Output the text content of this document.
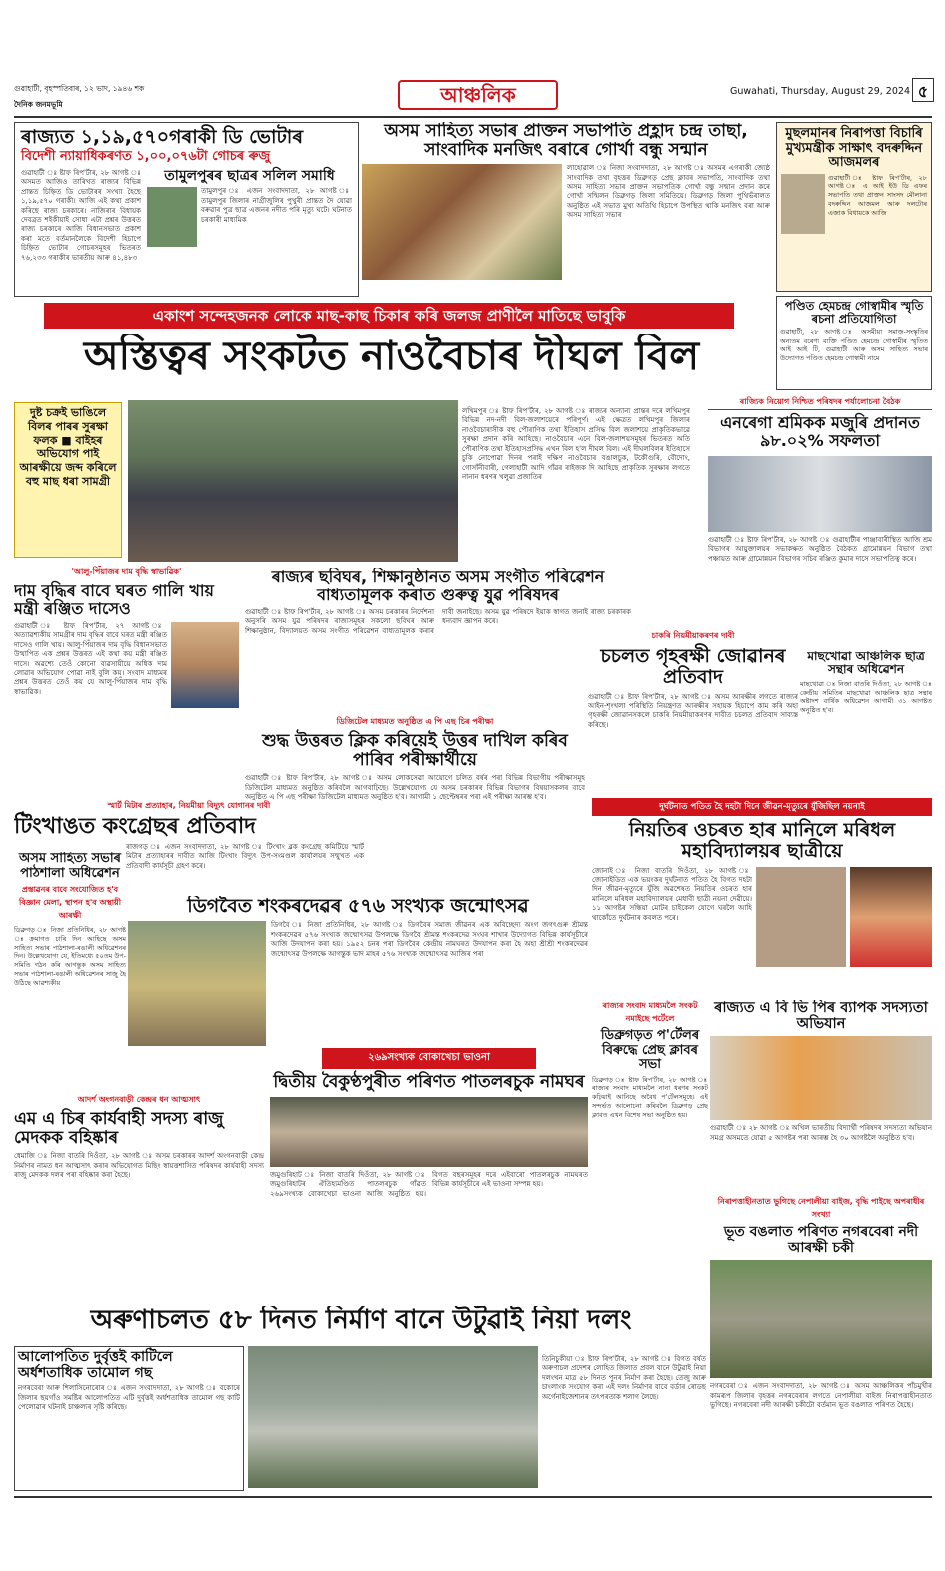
গুৱাহাটী, বৃহস্পতিবাৰ, ১২ ভাদ, ১৯৪৬ শক
দৈনিক জনমভূমি	আঞ্চলিক	Guwahati, Thursday, August 29, 2024 ৫
ৰাজ্যত ১,১৯,৫৭০গৰাকী ডি ভোটাৰ
বিদেশী ন্যায়াধিকৰণত ১,০০,০৭৬টা গোচৰ ৰুজু

গুৱাহাটী ঃ ষ্টাফ ৰিপ'ৰ্টাৰ, ২৮ আগষ্ট ঃ অসমত আজিও তাৰিখত ৰাজ্যৰ বিভিন্ন প্ৰান্তত চিহ্নিত ডি ভোটাৰৰ সংখ্যা হৈছে ১,১৯,৫৭০ গৰাকী। আজি এই কথা প্ৰকাশ কৰিছে ৰাজ্য চৰকাৰে। নাজিৰাৰ বিধায়ক দেবব্ৰত শইকীয়াই সোধা এটা প্ৰশ্নৰ উত্তৰত ৰাজ্য চৰকাৰে আজি বিধানসভাত প্ৰকাশ কৰা মতে বৰ্তমানলৈকে বিদেশী হিচাপে চিহ্নিত ভোটাৰ গোচৰসমূহৰ ভিতৰত ৭৬,২৩৩ গৰাকীৰ ভাৰতীয় আৰু ৪১,৪৮৩

তামুলপুৰৰ ছাত্ৰৰ সলিল সমাধি

তামুলপুৰ ঃ এজন সংবাদদাতা, ২৮ আগষ্ট ঃ তামুলপুৰ জিলাৰ নাগ্ৰীজুলিৰ পুখুৰী প্ৰান্তত দৈ যোৱা বৰুৱাৰ পুত্ৰ ছাত্ৰ এজনৰ নদীত পৰি মৃত্যু ঘটে। ঘটনাত চৰকাৰী মাধ্যমিক

অসম সাহিত্য সভাৰ প্ৰাক্তন সভাপতি প্ৰহ্লাদ চন্দ্ৰ তাছা, সাংবাদিক মনজিৎ বৰাৰে গোৰ্খা বন্ধু সন্মান

লাহোৱাল ঃ নিজা সংবাদদাতা, ২৮ আগষ্ট ঃ অসমৰ এগৰাকী জ্যেষ্ঠ সাংবাদিক তথা বৃহত্তৰ ডিব্ৰুগড় প্ৰেছ ক্লাবৰ সভাপতি, সাংবাদিক তথা অসম সাহিত্য সভাৰ প্ৰাক্তন সভাপতিক গোৰ্খা বন্ধু সন্মান প্ৰদান কৰে গোৰ্খা সন্মিলন ডিব্ৰুগড় জিলা সমিতিয়ে। ডিব্ৰুগড় জিলা পুথিভঁৰালত অনুষ্ঠিত এই সভাত মুখ্য অতিথি হিচাপে উপস্থিত থাকি মনজিৎ বৰা আৰু অসম সাহিত্য সভাৰ

মুছলমানৰ নিৰাপত্তা বিচাৰি মুখ্যমন্ত্ৰীক সাক্ষাৎ বদৰুদ্দিন আজমলৰ

গুৱাহাটী ঃ ষ্টাফ ৰিপ'ৰ্টাৰ, ২৮ আগষ্ট ঃ এ আই ইউ ডি এফৰ সভাপতি তথা প্ৰাক্তন সাংসদ মৌলানা বদৰুদ্দিন আজমল আৰু দলটোৰ এজাক বিধায়কে আজি

পণ্ডিত হেমচন্দ্ৰ গোস্বামীৰ স্মৃতি ৰচনা প্ৰতিযোগিতা

গুৱাহাটী, ২৮ আগষ্ট ঃ অসমীয়া সমাজ-সংস্কৃতিৰ অন্যতম বৰেণ্য ব্যক্তি পণ্ডিত হেমচন্দ্ৰ গোস্বামীৰ স্মৃতিত আই আই টি, গুৱাহাটী আৰু অসম সাহিত্য সভাৰ উদ্যোগত পণ্ডিত হেমচন্দ্ৰ গোস্বামী নামে

একাংশ সন্দেহজনক লোকে মাছ-কাছ চিকাৰ কৰি জলজ প্ৰাণীলৈ মাতিছে ভাবুকি
অস্তিত্বৰ সংকটত নাওবৈচাৰ দীঘল বিল

দুষ্ট চক্ৰই ভাঙিলে বিলৰ পাৰৰ সুৰক্ষা ফলক ■ বাইহৰ অভিযোগ পাই আৰক্ষীয়ে জব্দ কৰিলে বহু মাছ ধৰা সামগ্ৰী

লখিমপুৰ ঃ ষ্টাফ ৰিপ'ৰ্টাৰ, ২৮ আগষ্ট ঃ ৰাজ্যৰ অন্যান্য প্ৰান্তৰ দৰে লখিমপুৰ বিভিন্ন নদ-নদী বিল-জলাশয়েৰে পৰিপূৰ্ণ। এই ক্ষেত্ৰত লখিমপুৰ জিলাৰ নাওবৈচাৰাসীক বহু পৌৰাণিক তথা ইতিহাস প্ৰসিদ্ধ বিল জলাশয়ে প্ৰাকৃতিকভাৱে সুৰক্ষা প্ৰদান কৰি আহিছে। নাওবৈচাৰ এনে বিল-জলাশয়সমূহৰ ভিতৰত অতি পৌৰাণিক তথা ইতিহাসপ্ৰসিদ্ধ এখন বিল হ'ল দীঘল বিল। এই দীঘলবিলৰ ইতিহাসে চুকি নোপোৱা দিনৰ পৰাই দক্ষিণ নাওবৈচাৰ বঙালচুক, টকৌগুৰি, বৌদোং, গোসাঁনীবাৰী, গেলাহাটী আদি গাঁৱৰ ৰাইজক দি আহিছে প্ৰাকৃতিক সুৰক্ষাৰ লগতে নানান ধৰণৰ খলুৱা প্ৰজাতিৰ

ৰাজ্যিক নিয়োগ নিশ্চিত পৰিষদৰ পৰ্যালোচনা বৈঠক
এনৰেগা শ্ৰমিকক মজুৰি প্ৰদানত ৯৮.০২% সফলতা

গুৱাহাটী ঃ ষ্টাফ ৰিপ'ৰ্টাৰ, ২৮ আগষ্ট ঃ গুৱাহাটীৰ পাঞ্জাবাৰীস্থিত আজি শ্ৰম বিভাগৰ আয়ুক্তালয়ৰ সভাকক্ষত অনুষ্ঠিত বৈঠকত গ্ৰামোন্নয়ন বিভাগ তথা পঞ্চায়ত আৰু গ্ৰামোন্নয়ন বিভাগৰ সচিব ৰঞ্জিত কুমাৰ দাসে সভাপতিত্ব কৰে।

'আলু-পিঁয়াজৰ দাম বৃদ্ধি স্বাভাৱিক'
দাম বৃদ্ধিৰ বাবে ঘৰত গালি খায় মন্ত্ৰী ৰঞ্জিত দাসেও

গুৱাহাটী ঃ ষ্টাফ ৰিপ'ৰ্টাৰ, ২৭ আগষ্ট ঃ অত্যাৱশ্যকীয় সামগ্ৰীৰ দাম বৃদ্ধিৰ বাবে ঘৰত মন্ত্ৰী ৰঞ্জিত দাসেও গালি খায়। আলু-পিঁয়াজৰ দাম বৃদ্ধি বিধানসভাত উত্থাপিত এক প্ৰশ্নৰ উত্তৰত এই কথা কয় মন্ত্ৰী ৰঞ্জিত দাসে। অৱশ্যে তেওঁ কোনো ব্যৱসায়ীয়ে অধিক দাম লোৱাৰ অভিযোগ পোৱা নাই বুলি কয়। সংবাদ মাধ্যমৰ প্ৰশ্নৰ উত্তৰত তেওঁ কয় যে আলু-পিঁয়াজৰ দাম বৃদ্ধি স্বাভাৱিক।

ৰাজ্যৰ ছবিঘৰ, শিক্ষানুষ্ঠানত অসম সংগীত পৰিৱেশন বাধ্যতামূলক কৰাত গুৰুত্ব যুৱ পৰিষদৰ

গুৱাহাটী ঃ ষ্টাফ ৰিপ'ৰ্টাৰ, ২৮ আগষ্ট ঃ অসম চৰকাৰৰ নিৰ্দেশনা অনুসৰি অসম যুৱ পৰিষদৰ ৰাজ্যসমূহৰ সকলো ছবিঘৰ আৰু শিক্ষানুষ্ঠান, বিদ্যালয়ত অসম সংগীত পৰিৱেশন বাধ্যতামূলক কৰাৰ দাবী জনাইছে। অসম যুৱ পৰিষদে ইয়াক স্বাগত জনাই ৰাজ্য চৰকাৰক ধন্যবাদ জ্ঞাপন কৰে।

চাকৰি নিয়মীয়াকৰণৰ দাবী
চচলত গৃহৰক্ষী জোৱানৰ প্ৰতিবাদ

গুৱাহাটী ঃ ষ্টাফ ৰিপ'ৰ্টাৰ, ২৮ আগষ্ট ঃ অসম আৰক্ষীৰ লগতে ৰাজ্যৰ আইন-শৃংখলা পৰিস্থিতি নিয়ন্ত্ৰণত আৰক্ষীৰ সহায়ক হিচাপে কাম কৰি অহা গৃহৰক্ষী জোৱানসকলে চাকৰি নিয়মীয়াকৰণৰ দাবীত চচলত প্ৰতিবাদ সাব্যস্ত কৰিছে।

মাছখোৱা আঞ্চলিক ছাত্ৰ সন্থাৰ অধিৱেশন

মাছখোৱা ঃ নিজা বাতৰি দিওঁতা, ২৮ আগষ্ট ঃ কেন্দ্ৰীয় সমিতিৰ মাছখোৱা আঞ্চলিক ছাত্ৰ সন্থাৰ অষ্টাদশ বাৰ্ষিক অধিৱেশন আগামী ৩১ আগষ্টত অনুষ্ঠিত হ'ব।

ডিজিটেল মাধ্যমত অনুষ্ঠিত এ পি এছ চিৰ পৰীক্ষা
শুদ্ধ উত্তৰত ক্লিক কৰিয়েই উত্তৰ দাখিল কৰিব পাৰিব পৰীক্ষাৰ্থীয়ে

গুৱাহাটী ঃ ষ্টাফ ৰিপ'ৰ্টাৰ, ২৮ আগষ্ট ঃ অসম লোকসেৱা আয়োগে চলিত বৰ্ষৰ পৰা বিভিন্ন বিভাগীয় পৰীক্ষাসমূহ ডিজিটেল মাধ্যমত অনুষ্ঠিত কৰিবলৈ আগবাঢ়িছে। উল্লেখযোগ্য যে অসম চৰকাৰৰ বিভিন্ন বিভাগৰ বিষয়াসকলৰ বাবে অনুষ্ঠিত এ পি এছ পৰীক্ষা ডিজিটেল মাধ্যমত অনুষ্ঠিত হ'ব। আগামী ১ ছেপ্টেম্বৰৰ পৰা এই পৰীক্ষা আৰম্ভ হ'ব।

স্মাৰ্ট মিটাৰ প্ৰত্যাহাৰ, নিয়মীয়া বিদ্যুৎ যোগানৰ দাবী
টিংখাঙত কংগ্ৰেছৰ প্ৰতিবাদ

ৰাজগড় ঃ এজন সংবাদদাতা, ২৮ আগষ্ট ঃ টিংখাং ব্লক কংগ্ৰেছ কমিটিয়ে স্মাৰ্ট মিটাৰ প্ৰত্যাহাৰৰ দাবীত আজি টিংখাং বিদ্যুৎ উপ-সংমণ্ডল কাৰ্যালয়ৰ সন্মুখত এক প্ৰতিবাদী কাৰ্যসূচী গ্ৰহণ কৰে।

অসম সাহিত্য সভাৰ পাঠশালা অধিৱেশন
প্ৰস্তাৱনৰ বাবে সংযোজিত হ'ব বিজ্ঞান মেলা, স্থাপন হ'ব অস্থায়ী আৰক্ষী

ডিব্ৰুগড় ঃ নিজা প্ৰতিনিধিৰ, ২৮ আগষ্ট ঃ ক্ৰমাগত চাৰি দিন আহিছে অসম সাহিত্য সভাৰ পাঠশালা-ৰঙালী অধিৱেশনৰ দিন। উল্লেখযোগ্য যে, ইতিমধ্যে ৫০তম উপ-সমিতি গঠন কৰি আগন্তুক অসম সাহিত্য সভাৰ পাঠশালা-ৰঙালী অধিৱেশনৰ সাজু হৈ উঠিছে আৱশ্যকীয়

ডিগবৈত শংকৰদেৱৰ ৫৭৬ সংখ্যক জন্মোৎসৱ

ডিগবৈ ঃ নিজা প্ৰতিনিধিৰ, ২৮ আগষ্ট ঃ ডিগবৈৰ সমাজ জীৱনৰ এক অবিচ্ছেদ্য অংগ জগৎগুৰু শ্ৰীমন্ত শংকৰদেৱৰ ৫৭৬ সংখ্যক জন্মোৎসৱ উপলক্ষে ডিগবৈ শ্ৰীমন্ত শংকৰদেৱ সংঘৰ শাখাৰ উদ্যোগত বিভিন্ন কাৰ্যসূচীৰে আজি উদযাপন কৰা হয়। ১৯৫২ চনৰ পৰা ডিগবৈৰ কেন্দ্ৰীয় নামঘৰত উদযাপন কৰা হৈ অহা শ্ৰীশ্ৰী শংকৰদেৱৰ জন্মোৎসৱ উপলক্ষে আগন্তুক ভাদ মাহৰ ৫৭৬ সংখ্যক জন্মোৎসৱ আজিৰ পৰা

দুৰ্ঘটনাত পতিত হৈ দহটা দিনে জীৱন-মৃত্যুৰে যুঁজিছিল নয়নাই
নিয়তিৰ ওচৰত হাৰ মানিলে মৰিধল মহাবিদ্যালয়ৰ ছাত্ৰীয়ে

জোনাই ঃ নিজা বাতৰি দিওঁতা, ২৮ আগষ্ট ঃ জোনাইডিত এক ভয়ংকৰ দুৰ্ঘটনাত পতিত হৈ বিগত দহটা দিন জীৱন-মৃত্যুৰে যুঁজি অৱশেষত নিয়তিৰ ওচৰত হাৰ মানিলে মৰিধল মহাবিদ্যালয়ৰ মেধাবী ছাত্ৰী নয়না দেৱীয়ে। ১১ আগষ্টৰ সন্ধিয়া মোটৰ চাইকেল যোগে ঘৰলৈ আহি থাকোঁতে দুৰ্ঘটনাৰ কবলত পৰে।

ৰাজ্যৰ সংবাদ মাধ্যমলৈ সংকট নমাইছে পৰ্টেলে
ডিব্ৰুগড়ত প'ৰ্টেলৰ বিৰুদ্ধে প্ৰেছ ক্লাবৰ সভা

ডিব্ৰুগড় ঃ ষ্টাফ ৰিপ'ৰ্টাৰ, ২৮ আগষ্ট ঃ ৰাজ্যৰ সংবাদ মাধ্যমলৈ নানা ধৰণৰ সংকট কঢ়িয়াই আনিছে অবৈধ প'ৰ্টেলসমূহে। এই সন্দৰ্ভত আলোচনা কৰিবলৈ ডিব্ৰুগড় প্ৰেছ ক্লাবত এখন বিশেষ সভা অনুষ্ঠিত হয়।

ৰাজ্যত এ বি ভি পিৰ ব্যাপক সদস্যতা অভিযান

গুৱাহাটী ঃ ২৮ আগষ্ট ঃ অখিল ভাৰতীয় বিদ্যাৰ্থী পৰিষদৰ সদস্যতা অভিযান সমগ্ৰ অসমতে যোৱা ৫ আগষ্টৰ পৰা আৰম্ভ হৈ ৩০ আগষ্টলৈ অনুষ্ঠিত হ'ব।

২৬৯সংখ্যক বোকাখেচা ভাওনা
দ্বিতীয় বৈকুণ্ঠপুৰীত পৰিণত পাতলৰচুক নামঘৰ

জমুগুৰিহাট ঃ নিজা বাতৰি দিওঁতা, ২৮ আগষ্ট ঃ জমুগুৰিহাটৰ ঐতিহ্যমণ্ডিত পাতলৰচুক গাঁৱত ২৬৯সংখ্যক বোকাখেচা ভাওনা আজি অনুষ্ঠিত হয়। বিগত বছৰসমূহৰ দৰে এইবাৰো পাতলৰচুক নামঘৰত বিভিন্ন কাৰ্যসূচীৰে এই ভাওনা সম্পন্ন হয়।

আদৰ্শ অংগনবাড়ী কেন্দ্ৰৰ ধন আত্মসাৎ
এম এ চিৰ কাৰ্যবাহী সদস্য ৰাজু মেদকক বহিষ্কাৰ

ধেমাজি ঃ নিজা বাতৰি দিওঁতা, ২৮ আগষ্ট ঃ অসম চৰকাৰৰ আদৰ্শ অংগনবাড়ী কেন্দ্ৰ নিৰ্মাণৰ নামত ধন আত্মসাৎ কৰাৰ অভিযোগত মিছিং স্বায়ত্তশাসিত পৰিষদৰ কাৰ্যবাহী সদস্য ৰাজু মেদকক দলৰ পৰা বহিষ্কাৰ কৰা হৈছে।

নিৰাপত্তাহীনতাত ভুগিছে নেপালীয়া বাইজ, বৃদ্ধি পাইছে অপৰাধীৰ সংখ্যা
ভূত বঙলাত পৰিণত নগৰবেৰা নদী আৰক্ষী চকী

নগৰবেৰা ঃ এজন সংবাদদাতা, ২৮ আগষ্ট ঃ অসম আঞ্চলিকৰ পাঁচমুখীৰ কামৰূপ জিলাৰ বৃহত্তৰ নগৰবেৰাৰ লগতে নেপালীয়া বাইজ নিৰাপত্তাহীনতাত ভুগিছে। নগৰবেৰা নদী আৰক্ষী চকীটো বৰ্তমান ভূত বঙলাত পৰিণত হৈছে।

অৰুণাচলত ৫৮ দিনত নিৰ্মাণ বানে উটুৱাই নিয়া দলং

তিনিচুকীয়া ঃ ষ্টাফ ৰিপ'ৰ্টাৰ, ২৮ আগষ্ট ঃ বিগত বৰ্ষত অৰুণাচল প্ৰদেশৰ লোহিত জিলাত প্ৰবল বানে উটুৱাই নিয়া দলংখন মাত্ৰ ৫৮ দিনত পুনৰ নিৰ্মাণ কৰা হৈছে। তেজু আৰু চাংলাংক সংযোগ কৰা এই দলং নিৰ্মাণৰ বাবে বৰ্ডাৰ ৰোডছ অৰ্গেনাইজেশ্যনৰ তৎপৰতাক শলাগ লৈছে।

আলোপতিত দুৰ্বৃত্তই কাটিলে অৰ্ধশতাধিক তামোল গছ

নগৰবেৰা আৰু শিলাসিনোৰোৰ ঃ এজন সংবাদদাতা, ২৮ আগষ্ট ঃ বকোৰে জিলাৰ ছয়গাঁও সমষ্টিৰ আলোপতিত এটি দুৰ্বৃত্তই অৰ্ধশতাধিক তামোল গছ কাটি পেলোৱাৰ ঘটনাই চাঞ্চল্যৰ সৃষ্টি কৰিছে।
